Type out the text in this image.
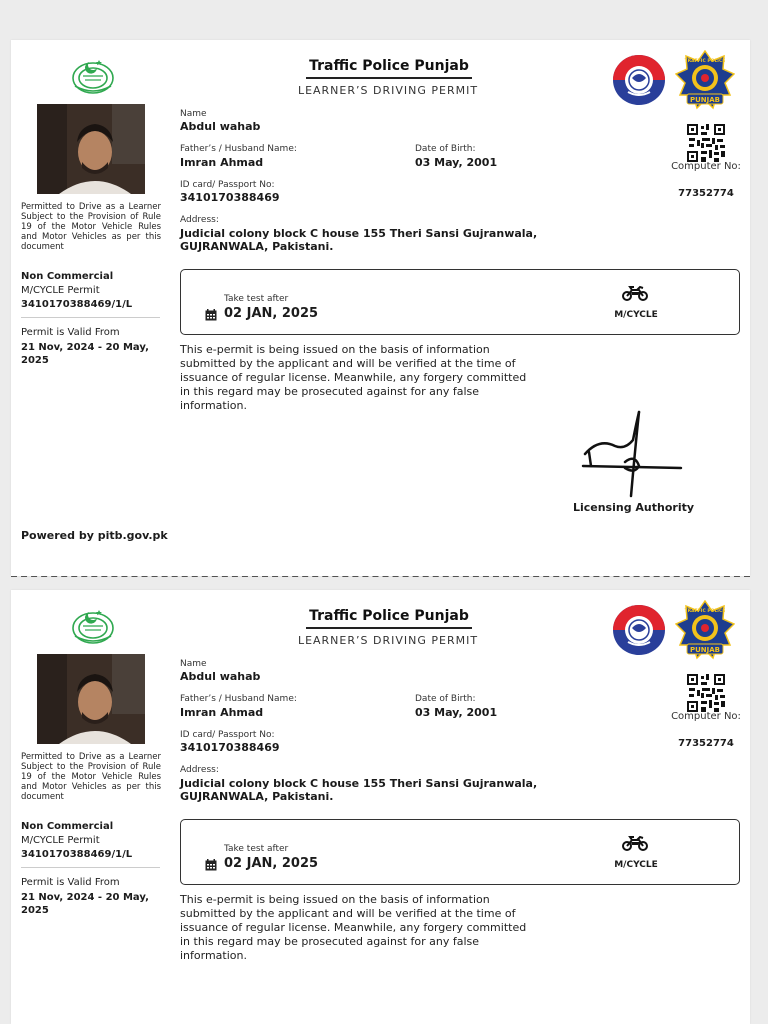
Traffic Police Punjab
LEARNER’S DRIVING PERMIT
PUNJAB
TRAFFIC POLICE
Permitted to Drive as a Learner Subject to the Provision of Rule 19 of the Motor Vehicle Rules and Motor Vehicles as per this document
Non Commercial
M/CYCLE Permit
3410170388469/1/L
Permit is Valid From
21 Nov, 2024 - 20 May, 2025
Name
Abdul wahab
Father’s / Husband Name:
Imran Ahmad
Date of Birth:
03 May, 2001
ID card/ Passport No:
3410170388469
Address:
Judicial colony block C house 155 Theri Sansi Gujranwala, GUJRANWALA, Pakistani.
Computer No:
77352774
Take test after
02 JAN, 2025	M/CYCLE
This e-permit is being issued on the basis of information submitted by the applicant and will be verified at the time of issuance of regular license. Meanwhile, any forgery committed in this regard may be prosecuted against for any false information.
Licensing Authority
Powered by pitb.gov.pk
Traffic Police Punjab
LEARNER’S DRIVING PERMIT
PUNJAB
TRAFFIC POLICE
Permitted to Drive as a Learner Subject to the Provision of Rule 19 of the Motor Vehicle Rules and Motor Vehicles as per this document
Non Commercial
M/CYCLE Permit
3410170388469/1/L
Permit is Valid From
21 Nov, 2024 - 20 May, 2025
Name
Abdul wahab
Father’s / Husband Name:
Imran Ahmad
Date of Birth:
03 May, 2001
ID card/ Passport No:
3410170388469
Address:
Judicial colony block C house 155 Theri Sansi Gujranwala, GUJRANWALA, Pakistani.
Computer No:
77352774
Take test after
02 JAN, 2025	M/CYCLE
This e-permit is being issued on the basis of information submitted by the applicant and will be verified at the time of issuance of regular license. Meanwhile, any forgery committed in this regard may be prosecuted against for any false information.
